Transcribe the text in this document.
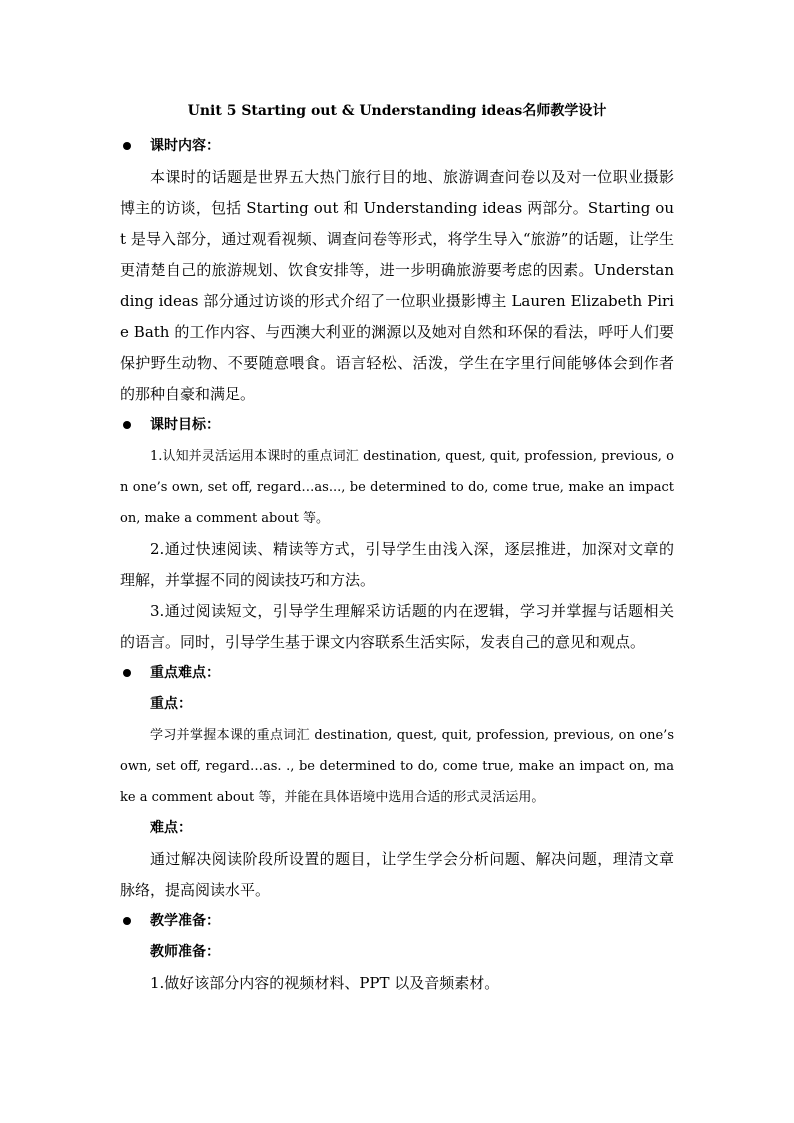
Unit 5 Starting out & Understanding ideas名师教学设计
课时内容：

本课时的话题是世界五大热门旅行目的地、旅游调查问卷以及对一位职业摄影博主的访谈，包括 Starting out 和 Understanding ideas 两部分。Starting out 是导入部分，通过观看视频、调查问卷等形式，将学生导入“旅游”的话题，让学生更清楚自己的旅游规划、饮食安排等，进一步明确旅游要考虑的因素。Understanding ideas 部分通过访谈的形式介绍了一位职业摄影博主 Lauren Elizabeth Pirie Bath 的工作内容、与西澳大利亚的渊源以及她对自然和环保的看法，呼吁人们要保护野生动物、不要随意喂食。语言轻松、活泼，学生在字里行间能够体会到作者的那种自豪和满足。

课时目标：

1.认知并灵活运用本课时的重点词汇 destination, quest, quit, profession, previous, on one’s own, set off, regard…as..., be determined to do, come true, make an impact on, make a comment about 等。

2.通过快速阅读、精读等方式，引导学生由浅入深，逐层推进，加深对文章的理解，并掌握不同的阅读技巧和方法。

3.通过阅读短文，引导学生理解采访话题的内在逻辑，学习并掌握与话题相关的语言。同时，引导学生基于课文内容联系生活实际，发表自己的意见和观点。

重点难点：
重点：

学习并掌握本课的重点词汇 destination, quest, quit, profession, previous, on one’s own, set off, regard…as. ., be determined to do, come true, make an impact on, make a comment about 等，并能在具体语境中选用合适的形式灵活运用。

难点：

通过解决阅读阶段所设置的题目，让学生学会分析问题、解决问题，理清文章脉络，提高阅读水平。

教学准备：
教师准备：

1.做好该部分内容的视频材料、PPT 以及音频素材。
